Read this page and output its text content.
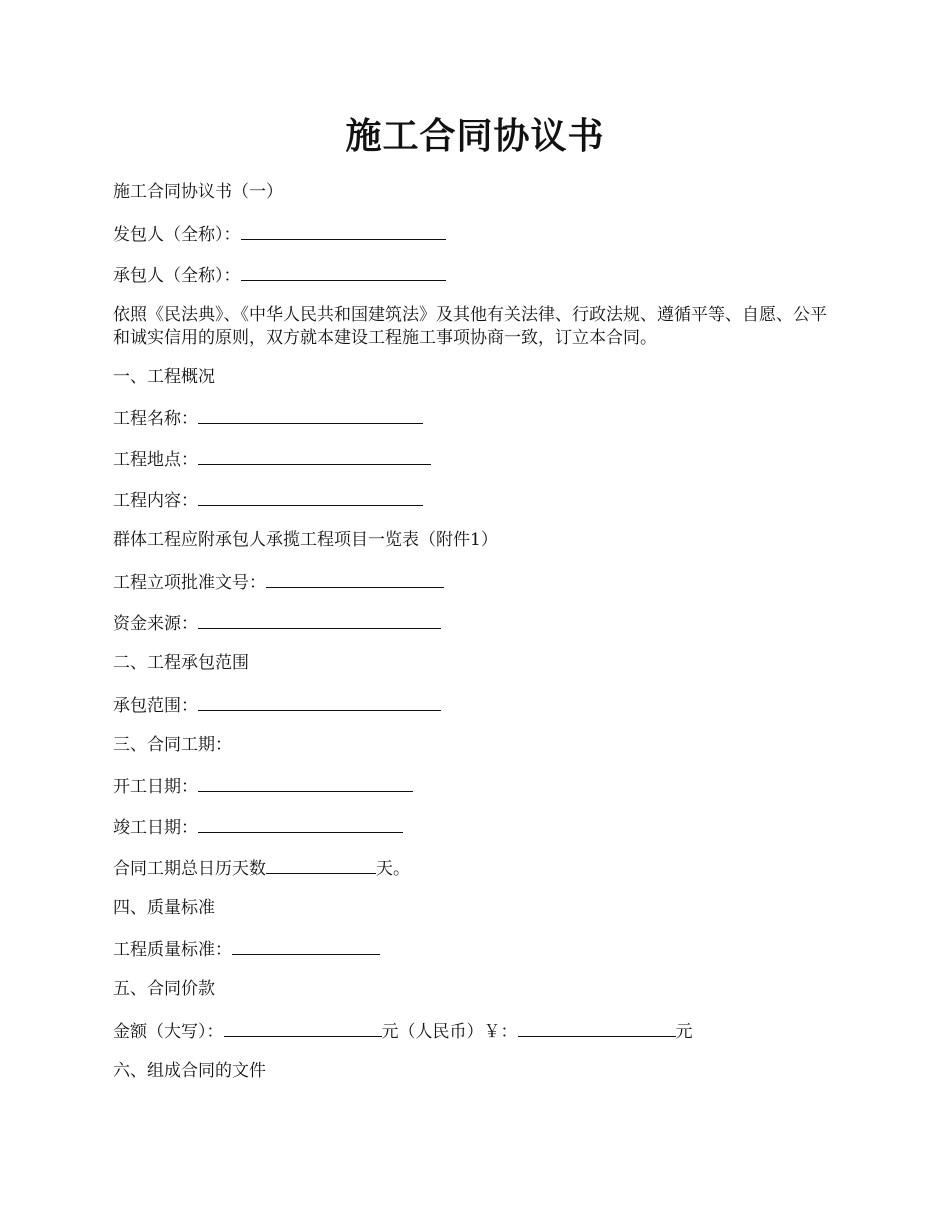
施工合同协议书
施工合同协议书（一）
发包人（全称）：
承包人（全称）：
依照《民法典》、《中华人民共和国建筑法》及其他有关法律、行政法规、遵循平等、自愿、公平和诚实信用的原则，双方就本建设工程施工事项协商一致，订立本合同。
一、工程概况
工程名称：
工程地点：
工程内容：
群体工程应附承包人承揽工程项目一览表（附件1）
工程立项批准文号：
资金来源：
二、工程承包范围
承包范围：
三、合同工期：
开工日期：
竣工日期：
合同工期总日历天数	天。
四、质量标准
工程质量标准：
五、合同价款
金额（大写）：	元（人民币）￥：	元
六、组成合同的文件
